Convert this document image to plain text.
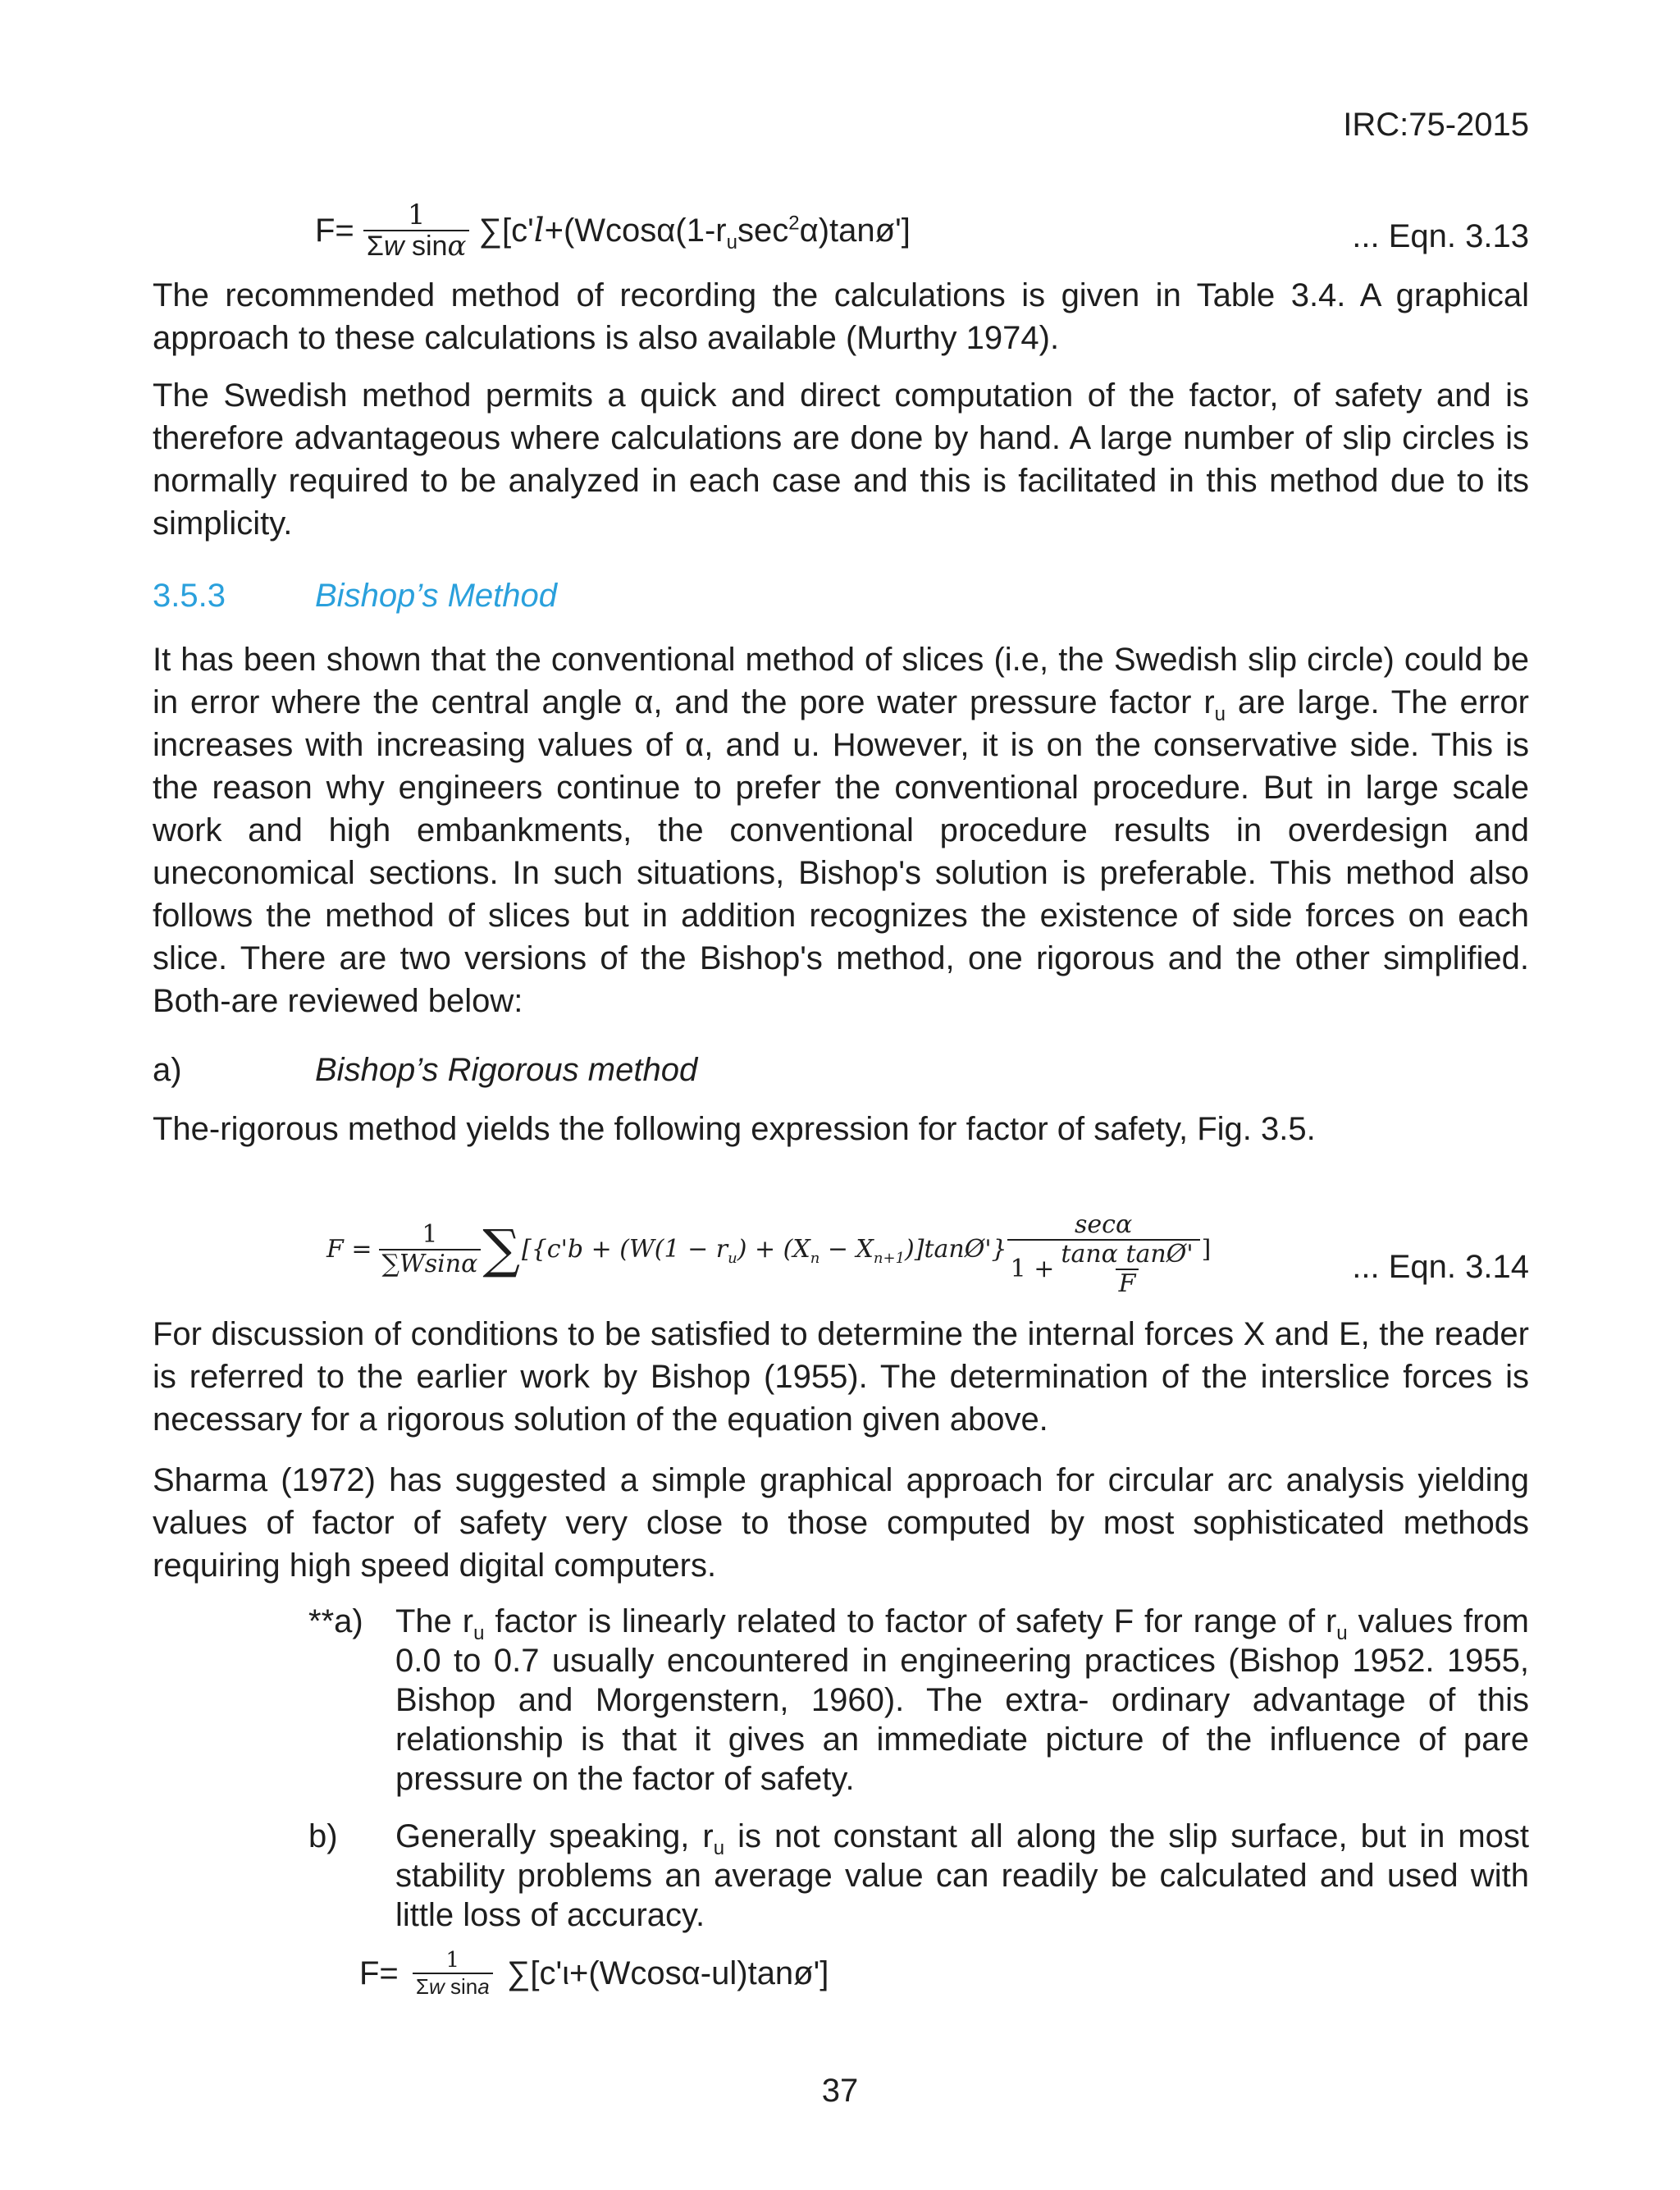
IRC:75-2015
$F= \frac{1}{\text{Σw sinα}}$ $\sum[c'l+(Wcos\alpha(1-r_u\sec^2\alpha)\tan ø']$	... Eqn. 3.13
The recommended method of recording the calculations is given in Table 3.4. A graphical approach to these calculations is also available (Murthy 1974).
The Swedish method permits a quick and direct computation of the factor, of safety and is therefore advantageous where calculations are done by hand. A large number of slip circles is normally required to be analyzed in each case and this is facilitated in this method due to its simplicity.
3.5.3	Bishop’s Method
It has been shown that the conventional method of slices (i.e, the Swedish slip circle) could be in error where the central angle α, and the pore water pressure factor $r_u$ are large. The error increases with increasing values of α, and u. However, it is on the conservative side. This is the reason why engineers continue to prefer the conventional procedure. But in large scale work and high embankments, the conventional procedure results in overdesign and uneconomical sections. In such situations, Bishop's solution is preferable. This method also follows the method of slices but in addition recognizes the existence of side forces on each slice. There are two versions of the Bishop's method, one rigorous and the other simplified. Both-are reviewed below:
a)	Bishop’s Rigorous method
The-rigorous method yields the following expression for factor of safety, Fig. 3.5.
$F = \frac{1}{\sum Wsin\alpha}$ ∑ [{$c'b + (W(1 - r_u) + (X_n$ − $X_{n+1})]\tan Ø'\} \frac{\sec\alpha}{1 + \frac{\text{tanα tanØ'}}{F}}$ ]	... Eqn. 3.14
For discussion of conditions to be satisfied to determine the internal forces X and E, the reader is referred to the earlier work by Bishop (1955). The determination of the interslice forces is necessary for a rigorous solution of the equation given above.
Sharma (1972) has suggested a simple graphical approach for circular arc analysis yielding values of factor of safety very close to those computed by most sophisticated methods requiring high speed digital computers.
**a) The $r_u$ factor is linearly related to factor of safety F for range of $r_u$ values from 0.0 to 0.7 usually encountered in engineering practices (Bishop 1952. 1955, Bishop and Morgenstern, 1960). The extra- ordinary advantage of this relationship is that it gives an immediate picture of the influence of pare pressure on the factor of safety.
b) Generally speaking, $r_u$ is not constant all along the slip surface, but in most stability problems an average value can readily be calculated and used with little loss of accuracy.
$F= \frac{1}{\text{Σw sina}}$ ∑[c'ι+(Wcosα-ul)tanø']
37
